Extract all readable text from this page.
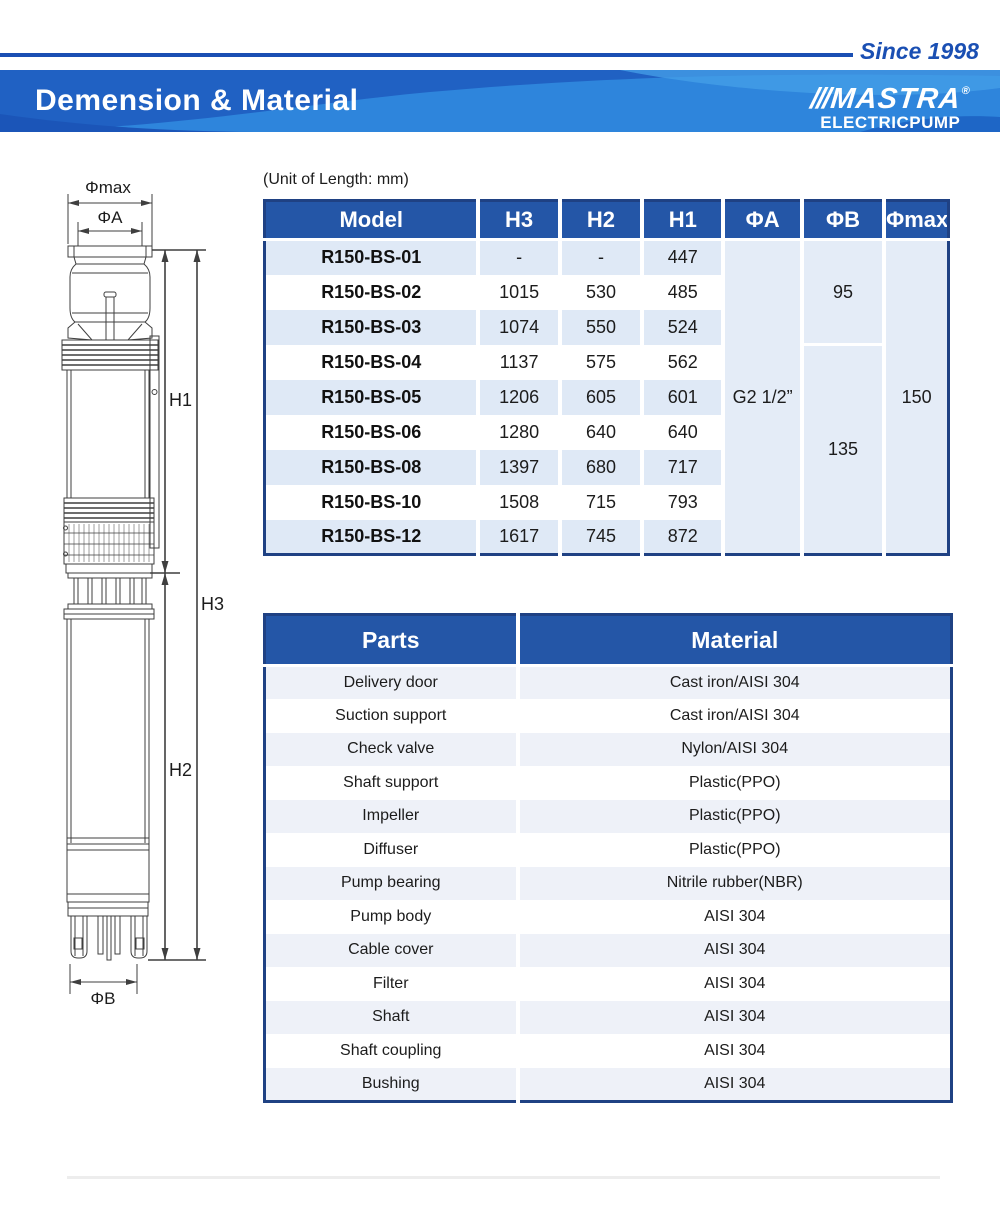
Since 1998
Demension & Material	///MASTRA®
ELECTRICPUMP
(Unit of Length: mm)
Model	H3	H2	H1	ΦA	ΦB	Φmax
R150-BS-01	-	-	447	G2 1/2”	95	150
R150-BS-02	1015	530	485			
R150-BS-03	1074	550	524			
R150-BS-04	1137	575	562		135	
R150-BS-05	1206	605	601			
R150-BS-06	1280	640	640			
R150-BS-08	1397	680	717			
R150-BS-10	1508	715	793			
R150-BS-12	1617	745	872			
Parts	Material
Delivery door	Cast iron/AISI 304
Suction support	Cast iron/AISI 304
Check valve	Nylon/AISI 304
Shaft support	Plastic(PPO)
Impeller	Plastic(PPO)
Diffuser	Plastic(PPO)
Pump bearing	Nitrile rubber(NBR)
Pump body	AISI 304
Cable cover	AISI 304
Filter	AISI 304
Shaft	AISI 304
Shaft coupling	AISI 304
Bushing	AISI 304
Φmax
ΦA
H1
H3
H2
ΦB
